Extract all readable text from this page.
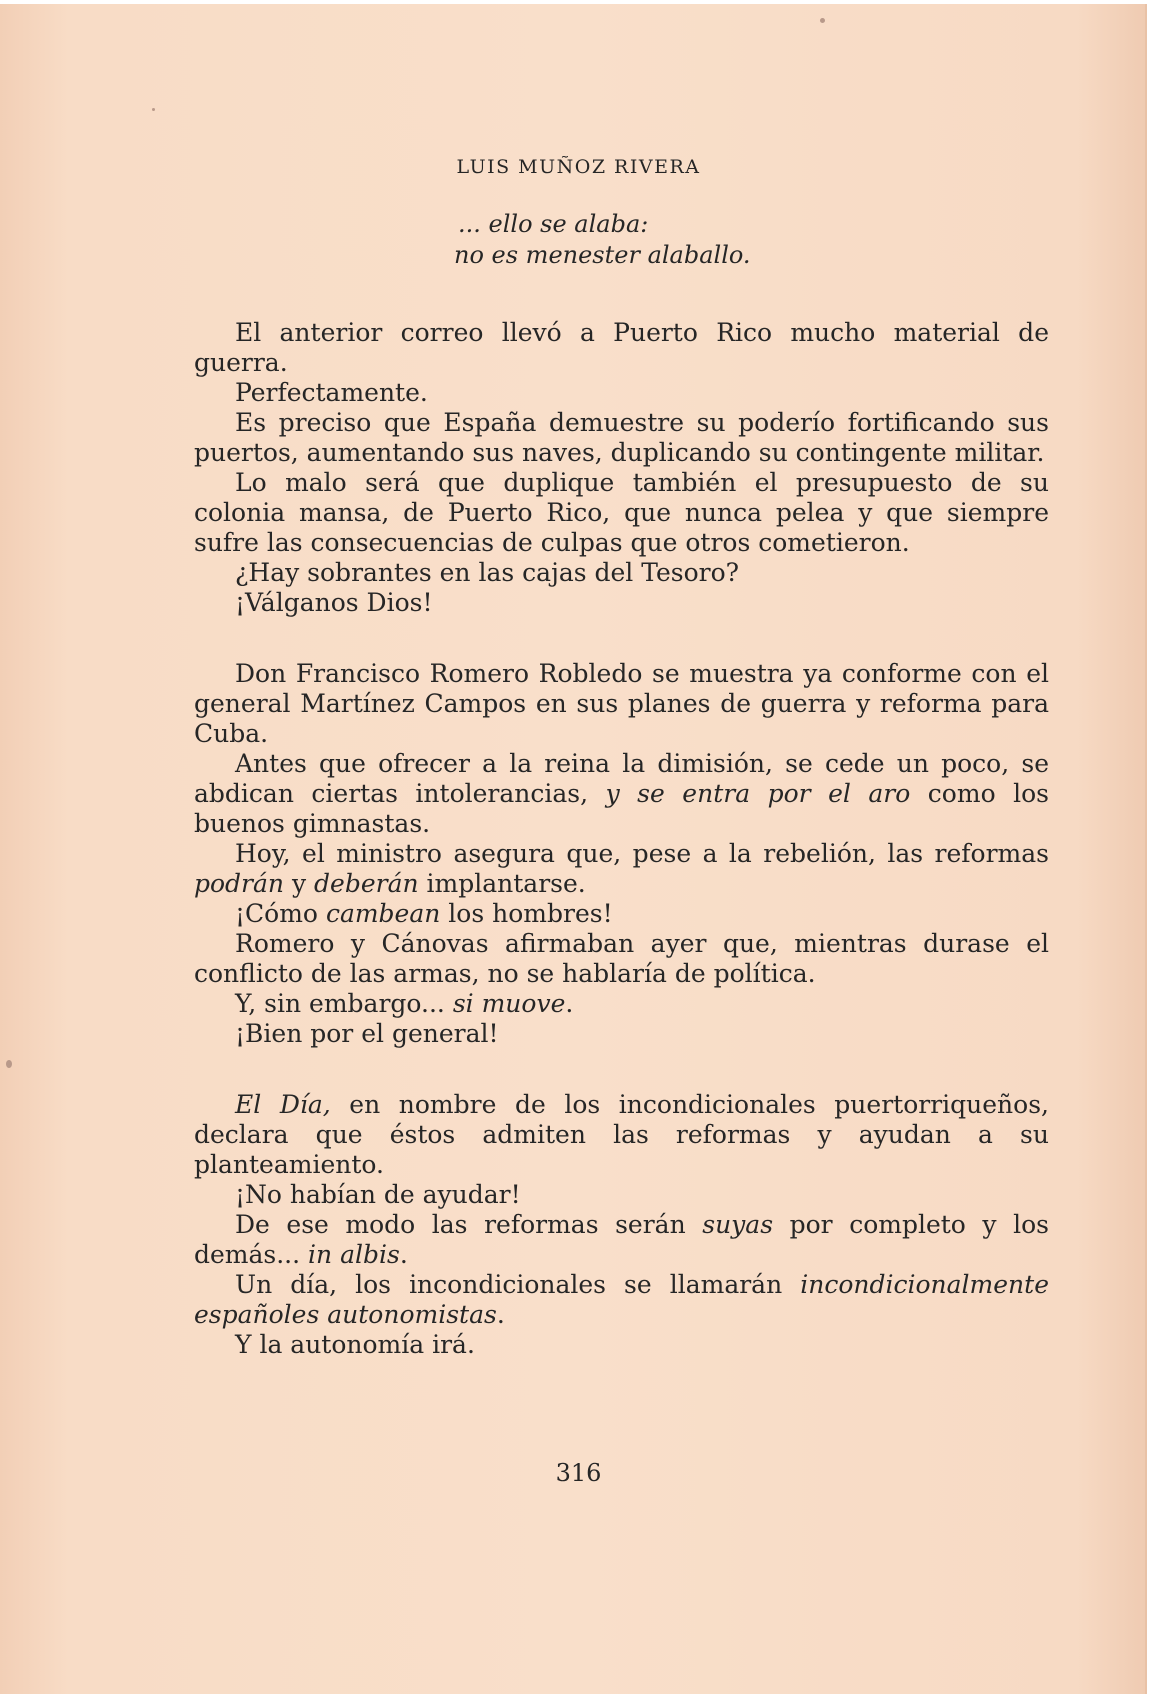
LUIS MUÑOZ RIVERA
... ello se alaba:
no es menester alaballo.

El anterior correo llevó a Puerto Rico mucho material de guerra.

Perfectamente.

Es preciso que España demuestre su poderío fortificando sus puertos, aumentando sus naves, duplicando su contingente militar.

Lo malo será que duplique también el presupuesto de su colonia mansa, de Puerto Rico, que nunca pelea y que siempre sufre las consecuencias de culpas que otros cometieron.

¿Hay sobrantes en las cajas del Tesoro?

¡Válganos Dios!

Don Francisco Romero Robledo se muestra ya conforme con el general Martínez Campos en sus planes de guerra y reforma para Cuba.

Antes que ofrecer a la reina la dimisión, se cede un poco, se abdican ciertas intolerancias, y se entra por el aro como los buenos gimnastas.

Hoy, el ministro asegura que, pese a la rebelión, las reformas podrán y deberán implantarse.

¡Cómo cambean los hombres!

Romero y Cánovas afirmaban ayer que, mientras durase el conflicto de las armas, no se hablaría de política.

Y, sin embargo... si muove.

¡Bien por el general!

El Día, en nombre de los incondicionales puertorriqueños, declara que éstos admiten las reformas y ayudan a su planteamiento.

¡No habían de ayudar!

De ese modo las reformas serán suyas por completo y los demás... in albis.

Un día, los incondicionales se llamarán incondicionalmente españoles autonomistas.

Y la autonomía irá.

316
